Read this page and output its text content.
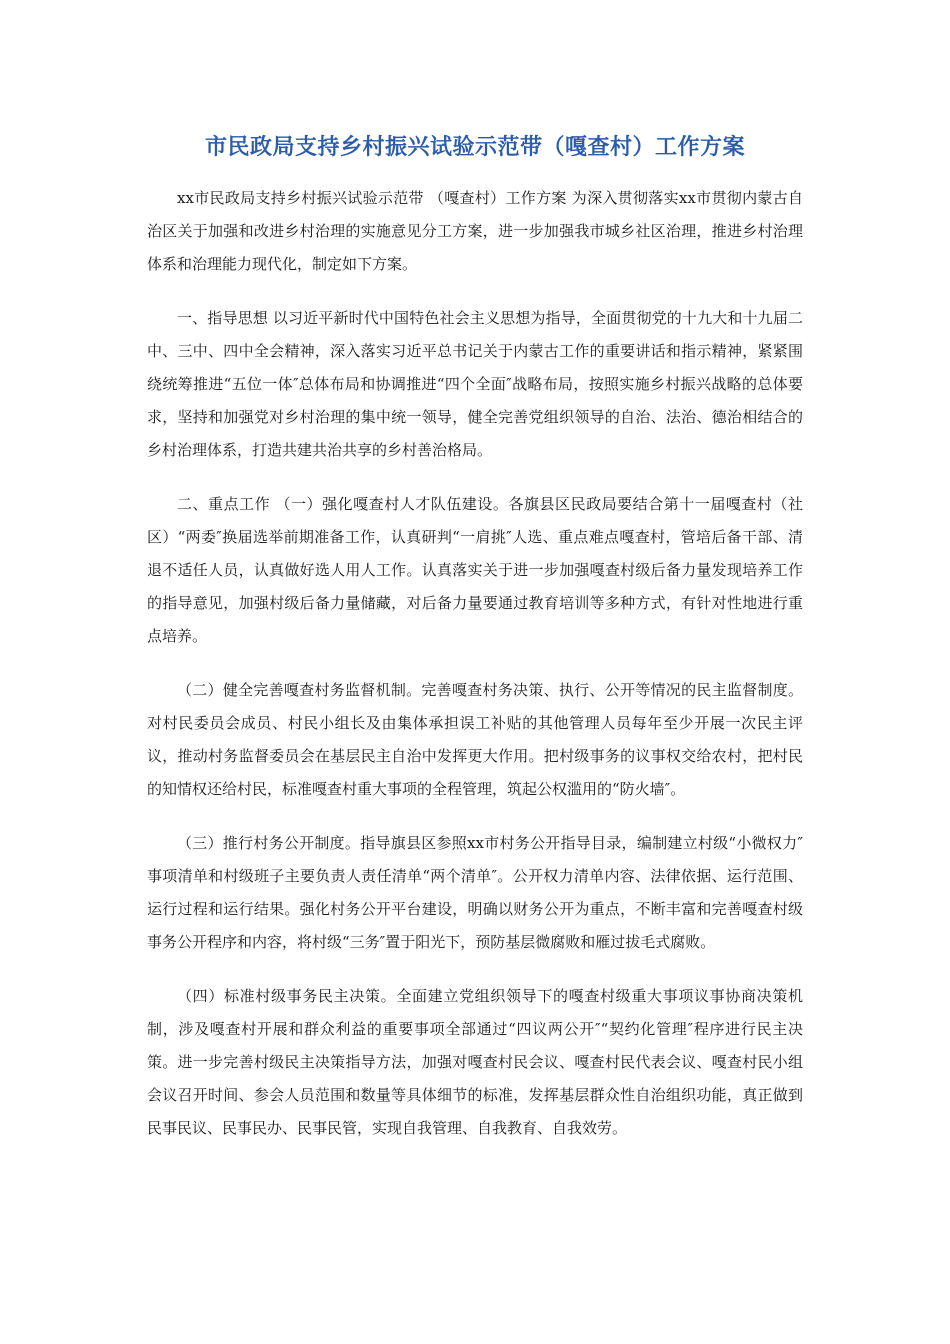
市民政局支持乡村振兴试验示范带（嘎查村）工作方案

xx市民政局支持乡村振兴试验示范带 （嘎查村）工作方案 为深入贯彻落实xx市贯彻内蒙古自治区关于加强和改进乡村治理的实施意见分工方案，进一步加强我市城乡社区治理，推进乡村治理体系和治理能力现代化，制定如下方案。

一、指导思想 以习近平新时代中国特色社会主义思想为指导，全面贯彻党的十九大和十九届二中、三中、四中全会精神，深入落实习近平总书记关于内蒙古工作的重要讲话和指示精神，紧紧围绕统筹推进“五位一体″总体布局和协调推进“四个全面″战略布局，按照实施乡村振兴战略的总体要求，坚持和加强党对乡村治理的集中统一领导，健全完善党组织领导的自治、法治、德治相结合的乡村治理体系，打造共建共治共享的乡村善治格局。

二、重点工作 （一）强化嘎查村人才队伍建设。各旗县区民政局要结合第十一届嘎查村（社区）“两委″换届选举前期准备工作，认真研判“一肩挑″人选、重点难点嘎查村，管培后备干部、清退不适任人员，认真做好选人用人工作。认真落实关于进一步加强嘎查村级后备力量发现培养工作的指导意见，加强村级后备力量储藏，对后备力量要通过教育培训等多种方式，有针对性地进行重点培养。

（二）健全完善嘎查村务监督机制。完善嘎查村务决策、执行、公开等情况的民主监督制度。对村民委员会成员、村民小组长及由集体承担误工补贴的其他管理人员每年至少开展一次民主评议，推动村务监督委员会在基层民主自治中发挥更大作用。把村级事务的议事权交给农村，把村民的知情权还给村民，标准嘎查村重大事项的全程管理，筑起公权滥用的“防火墙″。

（三）推行村务公开制度。指导旗县区参照xx市村务公开指导目录，编制建立村级“小微权力″事项清单和村级班子主要负责人责任清单“两个清单″。公开权力清单内容、法律依据、运行范围、运行过程和运行结果。强化村务公开平台建设，明确以财务公开为重点，不断丰富和完善嘎查村级事务公开程序和内容，将村级“三务″置于阳光下，预防基层微腐败和雁过拔毛式腐败。

（四）标准村级事务民主决策。全面建立党组织领导下的嘎查村级重大事项议事协商决策机制，涉及嘎查村开展和群众利益的重要事项全部通过“四议两公开″“契约化管理″程序进行民主决策。进一步完善村级民主决策指导方法，加强对嘎查村民会议、嘎查村民代表会议、嘎查村民小组会议召开时间、参会人员范围和数量等具体细节的标准，发挥基层群众性自治组织功能，真正做到民事民议、民事民办、民事民管，实现自我管理、自我教育、自我效劳。
